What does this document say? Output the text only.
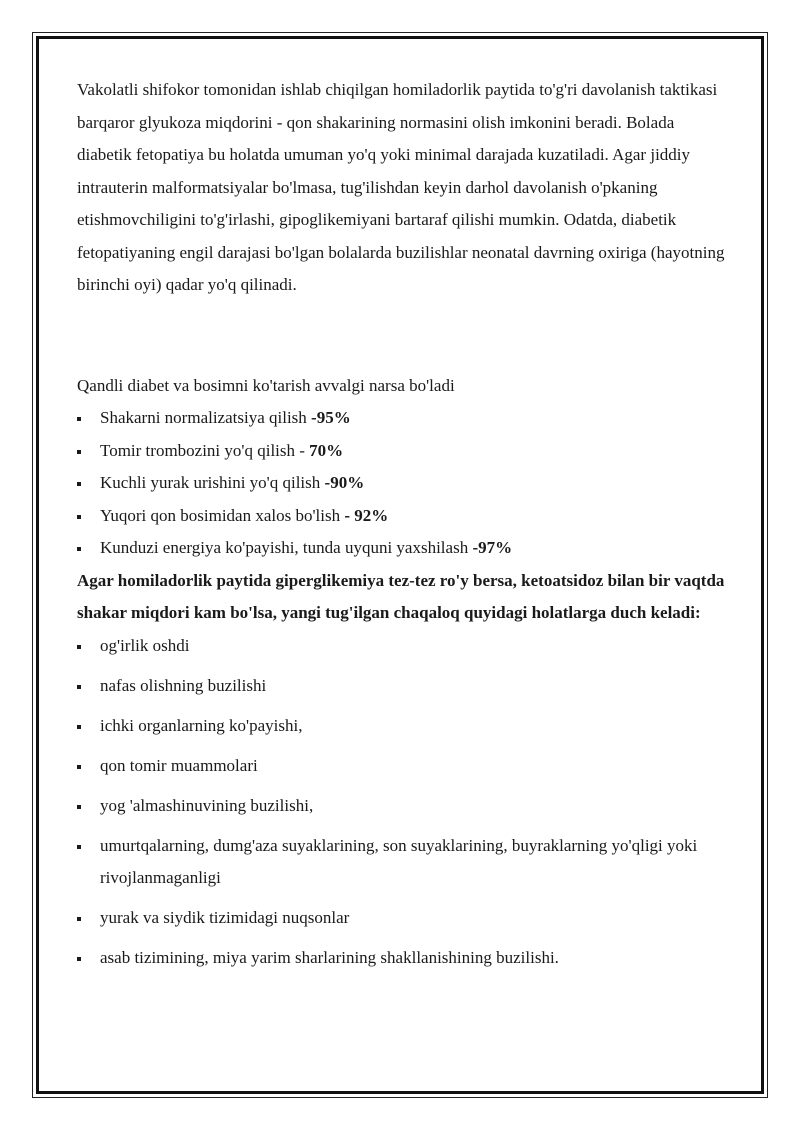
Vakolatli shifokor tomonidan ishlab chiqilgan homiladorlik paytida to'g'ri davolanish taktikasi barqaror glyukoza miqdorini - qon shakarining normasini olish imkonini beradi. Bolada diabetik fetopatiya bu holatda umuman yo'q yoki minimal darajada kuzatiladi. Agar jiddiy intrauterin malformatsiyalar bo'lmasa, tug'ilishdan keyin darhol davolanish o'pkaning etishmovchiligini to'g'irlashi, gipoglikemiyani bartaraf qilishi mumkin. Odatda, diabetik fetopatiyaning engil darajasi bo'lgan bolalarda buzilishlar neonatal davrning oxiriga (hayotning birinchi oyi) qadar yo'q qilinadi.

Qandli diabet va bosimni ko'tarish avvalgi narsa bo'ladi

Shakarni normalizatsiya qilish -95%
Tomir trombozini yo'q qilish - 70%
Kuchli yurak urishini yo'q qilish -90%
Yuqori qon bosimidan xalos bo'lish - 92%
Kunduzi energiya ko'payishi, tunda uyquni yaxshilash -97%

Agar homiladorlik paytida giperglikemiya tez-tez ro'y bersa, ketoatsidoz bilan bir vaqtda shakar miqdori kam bo'lsa, yangi tug'ilgan chaqaloq quyidagi holatlarga duch keladi:

og'irlik oshdi
nafas olishning buzilishi
ichki organlarning ko'payishi,
qon tomir muammolari
yog 'almashinuvining buzilishi,
umurtqalarning, dumg'aza suyaklarining, son suyaklarining, buyraklarning yo'qligi yoki rivojlanmaganligi
yurak va siydik tizimidagi nuqsonlar
asab tizimining, miya yarim sharlarining shakllanishining buzilishi.
